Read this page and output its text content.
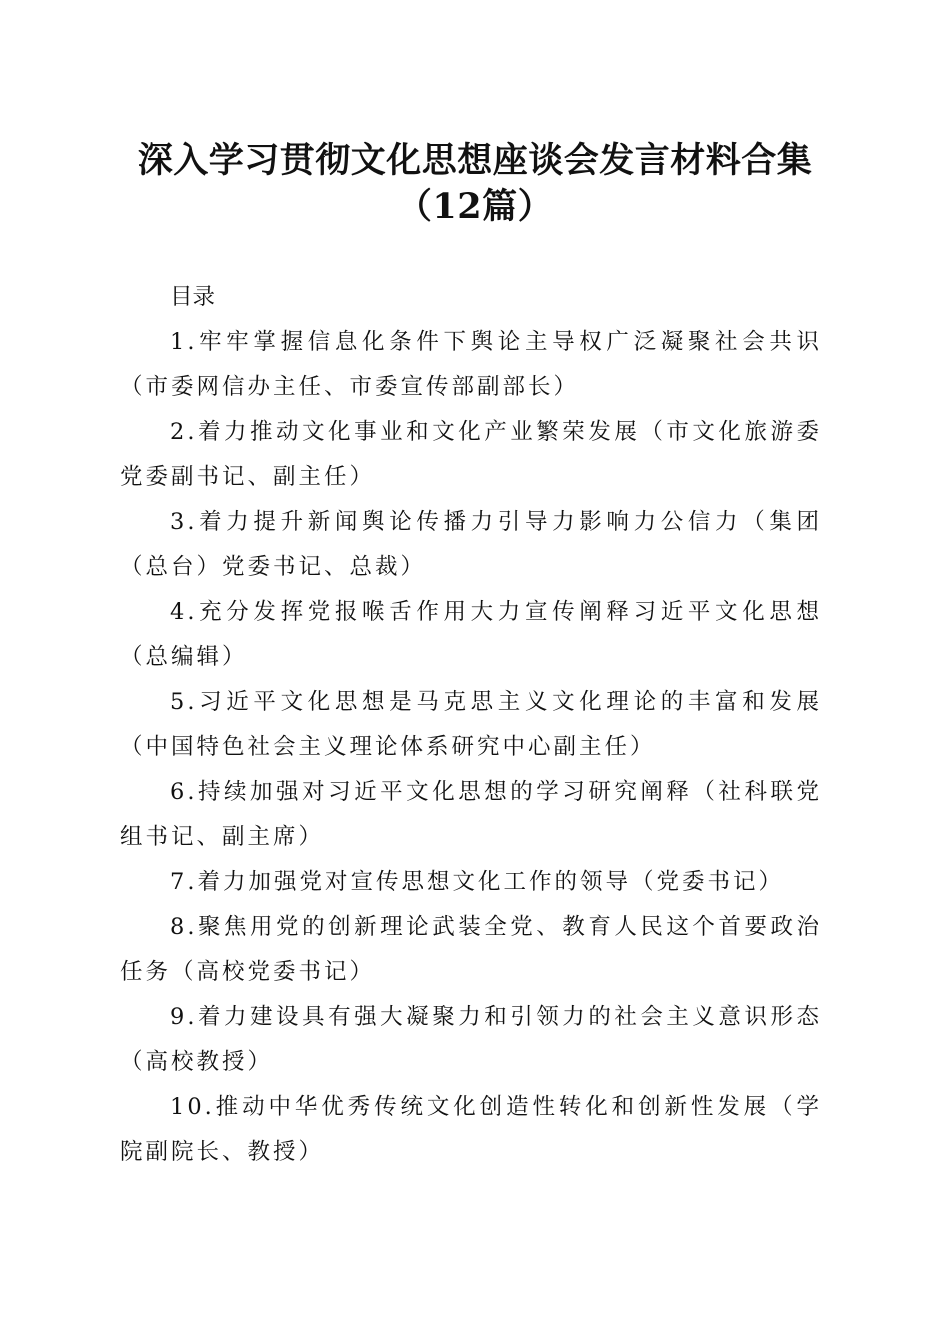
深入学习贯彻文化思想座谈会发言材料合集
（12篇）

目录

1.牢牢掌握信息化条件下舆论主导权广泛凝聚社会共识（市委网信办主任、市委宣传部副部长）

2.着力推动文化事业和文化产业繁荣发展（市文化旅游委党委副书记、副主任）

3.着力提升新闻舆论传播力引导力影响力公信力（集团（总台）党委书记、总裁）

4.充分发挥党报喉舌作用大力宣传阐释习近平文化思想（总编辑）

5.习近平文化思想是马克思主义文化理论的丰富和发展（中国特色社会主义理论体系研究中心副主任）

6.持续加强对习近平文化思想的学习研究阐释（社科联党组书记、副主席）

7.着力加强党对宣传思想文化工作的领导（党委书记）

8.聚焦用党的创新理论武装全党、教育人民这个首要政治任务（高校党委书记）

9.着力建设具有强大凝聚力和引领力的社会主义意识形态（高校教授）

10.推动中华优秀传统文化创造性转化和创新性发展（学院副院长、教授）
